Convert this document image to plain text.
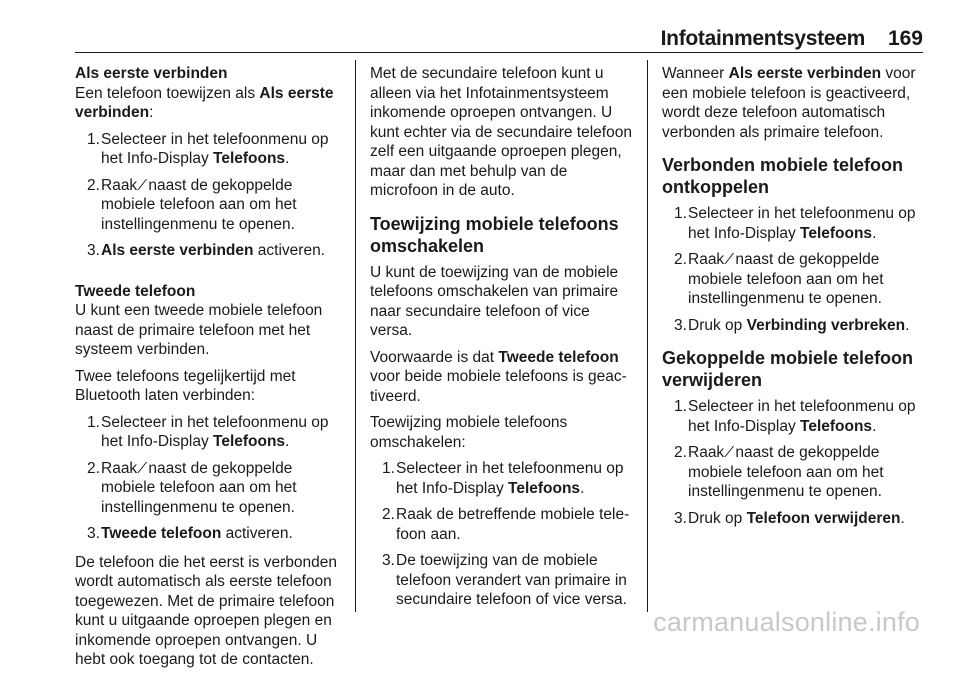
Infotainmentsysteem 169
Als eerste verbinden

Een telefoon toewijzen als Als eerste verbinden:

1. Selecteer in het telefoonmenu op het Info-Display Telefoons.
2. Raak ⁄ naast de gekoppelde mobiele telefoon aan om het instellingenmenu te openen.
3. Als eerste verbinden activeren.
Tweede telefoon

U kunt een tweede mobiele telefoon naast de primaire telefoon met het systeem verbinden.

Twee telefoons tegelijkertijd met Bluetooth laten verbinden:

1. Selecteer in het telefoonmenu op het Info-Display Telefoons.
2. Raak ⁄ naast de gekoppelde mobiele telefoon aan om het instellingenmenu te openen.
3. Tweede telefoon activeren.

De telefoon die het eerst is verbonden wordt automatisch als eerste telefoon toegewezen. Met de primaire telefoon kunt u uitgaande oproepen plegen en inkomende oproepen ontvangen. U hebt ook toegang tot de contacten.

Met de secundaire telefoon kunt u alleen via het Infotainmentsysteem inkomende oproepen ontvangen. U kunt echter via de secundaire telefoon zelf een uitgaande oproepen plegen, maar dan met behulp van de microfoon in de auto.

Toewijzing mobiele telefoons omschakelen

U kunt de toewijzing van de mobiele telefoons omschakelen van primaire naar secundaire telefoon of vice versa.

Voorwaarde is dat Tweede telefoon voor beide mobiele telefoons is geactiveerd.

Toewijzing mobiele telefoons omschakelen:

1. Selecteer in het telefoonmenu op het Info-Display Telefoons.
2. Raak de betreffende mobiele telefoon aan.
3. De toewijzing van de mobiele telefoon verandert van primaire in secundaire telefoon of vice versa.

Wanneer Als eerste verbinden voor een mobiele telefoon is geactiveerd, wordt deze telefoon automatisch verbonden als primaire telefoon.

Verbonden mobiele telefoon ontkoppelen
1. Selecteer in het telefoonmenu op het Info-Display Telefoons.
2. Raak ⁄ naast de gekoppelde mobiele telefoon aan om het instellingenmenu te openen.
3. Druk op Verbinding verbreken.
Gekoppelde mobiele telefoon verwijderen
1. Selecteer in het telefoonmenu op het Info-Display Telefoons.
2. Raak ⁄ naast de gekoppelde mobiele telefoon aan om het instellingenmenu te openen.
3. Druk op Telefoon verwijderen.
carmanualsonline.info
